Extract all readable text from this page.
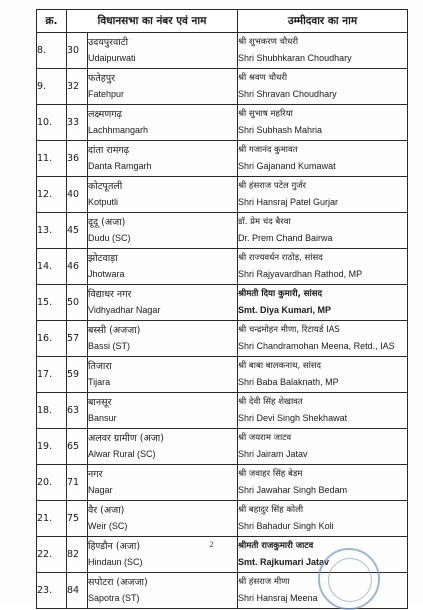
क्र.	विधानसभा का नंबर एवं नाम		उम्मीदवार का नाम
8.	30	उदयपुरवाटी
Udaipurwati	श्री शुभकरण चौधरी
Shri Shubhkaran Choudhary

9.	32	फतेहपुर
Fatehpur	श्री श्रवण चौधरी
Shri Shravan Choudhary

10.	33	लक्ष्मणगढ़
Lachhmangarh	श्री सुभाष महरिया
Shri Subhash Mahria

11.	36	दांता रामगढ़
Danta Ramgarh	श्री गजानंद कुमावत
Shri Gajanand Kumawat

12.	40	कोटपूतली
Kotputli	श्री हंसराज पटेल गुर्जर
Shri Hansraj Patel Gurjar

13.	45	दूदू (अजा)
Dudu (SC)	डॉ. प्रेम चंद बैरवा
Dr. Prem Chand Bairwa

14.	46	झोटवाड़ा
Jhotwara	श्री राज्यवर्धन राठोड़, सांसद
Shri Rajyavardhan Rathod, MP

15.	50	विद्याधर नगर
Vidhyadhar Nagar	श्रीमती दिया कुमारी, सांसद
Smt. Diya Kumari, MP

16.	57	बस्सी (अजजा)
Bassi (ST)	श्री चन्द्रमोहन मीणा, रिटायर्ड IAS
Shri Chandramohan Meena, Retd., IAS

17.	59	तिजारा
Tijara	श्री बाबा बालकनाथ, सांसद
Shri Baba Balaknath, MP

18.	63	बानसूर
Bansur	श्री देवी सिंह शेखावत
Shri Devi Singh Shekhawat

19.	65	अलवर ग्रामीण (अजा)
Alwar Rural (SC)	श्री जयराम जाटव
Shri Jairam Jatav

20.	71	नगर
Nagar	श्री जवाहर सिंह बेडम
Shri Jawahar Singh Bedam

21.	75	वैर (अजा)
Weir (SC)	श्री बहादुर सिंह कोली
Shri Bahadur Singh Koli

22.	82	हिण्डौन (अजा)
Hindaun (SC)	श्रीमती राजकुमारी जाटव
Smt. Rajkumari Jatav

23.	84	सपोटरा (अजजा)
Sapotra (ST)	श्री हंसराज मीणा
Shri Hansraj Meena
2
